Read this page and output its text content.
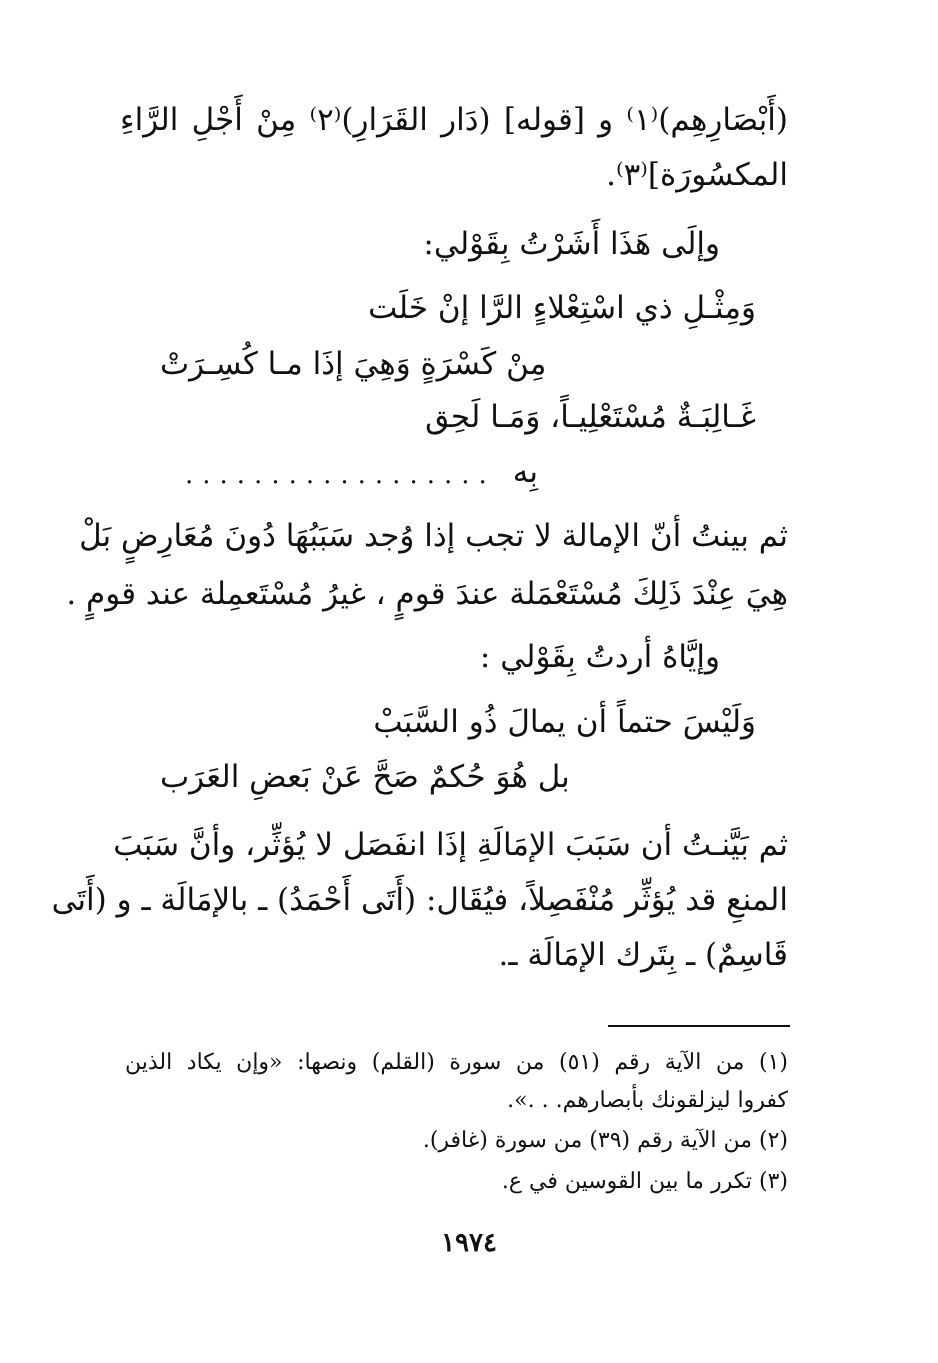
(أَبْصَارِهِم)⁽١⁾ و [قوله] (دَار القَرَارِ)⁽٢⁾ مِنْ أَجْلِ الرَّاءِ
المكسُورَة]⁽٣⁾.
وإلَى هَذَا أَشَرْتُ بِقَوْلي:
وَمِثْـلِ ذي اسْتِعْلاءٍ الرَّا إنْ خَلَت
مِنْ كَسْرَةٍ وَهِيَ إذَا مـا كُسِـرَتْ
غَـالِبَـةٌ مُسْتَعْلِيـاً، وَمَـا لَحِق
بِه
..................
ثم بينتُ أنّ الإمالة لا تجب إذا وُجد سَبَبُهَا دُونَ مُعَارِضٍ بَلْ
هِيَ عِنْدَ ذَلِكَ مُسْتَعْمَلة عندَ قومٍ ، غيرُ مُسْتَعمِلة عند قومٍ .
وإيَّاهُ أردتُ بِقَوْلي :
وَلَيْسَ حتماً أن يمالَ ذُو السَّبَبْ
بل هُوَ حُكمٌ صَحَّ عَنْ بَعضِ العَرَب
ثم بَيَّنـتُ أن سَبَبَ الإمَالَةِ إذَا انفَصَل لا يُؤثِّر، وأنَّ سَبَبَ
المنعِ قد يُؤثِّر مُنْفَصِلاً، فيُقَال: (أَتَى أَحْمَدُ) ـ بالإمَالَة ـ و (أَتَى
قَاسِمٌ) ـ بِتَرك الإمَالَة ـ.
(١) من الآية رقم (٥١) من سورة (القلم) ونصها: «وإن يكاد الذين
كفروا ليزلقونك بأبصارهم. . .».
(٢) من الآية رقم (٣٩) من سورة (غافر).
(٣) تكرر ما بين القوسين في ع.
١٩٧٤
